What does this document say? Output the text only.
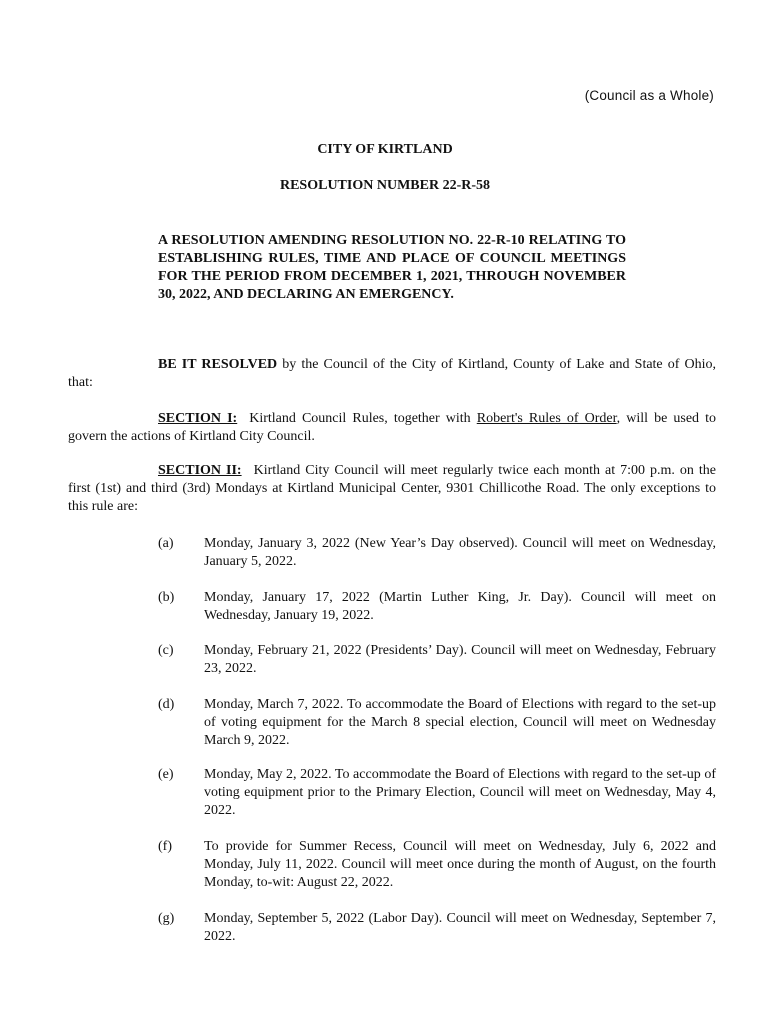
(Council as a Whole)
CITY OF KIRTLAND
RESOLUTION NUMBER 22-R-58
A RESOLUTION AMENDING RESOLUTION NO. 22-R-10 RELATING TO ESTABLISHING RULES, TIME AND PLACE OF COUNCIL MEETINGS FOR THE PERIOD FROM DECEMBER 1, 2021, THROUGH NOVEMBER 30, 2022, AND DECLARING AN EMERGENCY.
BE IT RESOLVED by the Council of the City of Kirtland, County of Lake and State of Ohio, that:
SECTION I: Kirtland Council Rules, together with Robert's Rules of Order, will be used to govern the actions of Kirtland City Council.
SECTION II: Kirtland City Council will meet regularly twice each month at 7:00 p.m. on the first (1st) and third (3rd) Mondays at Kirtland Municipal Center, 9301 Chillicothe Road. The only exceptions to this rule are:
(a) Monday, January 3, 2022 (New Year’s Day observed). Council will meet on Wednesday, January 5, 2022.
(b) Monday, January 17, 2022 (Martin Luther King, Jr. Day). Council will meet on Wednesday, January 19, 2022.
(c) Monday, February 21, 2022 (Presidents’ Day). Council will meet on Wednesday, February 23, 2022.
(d) Monday, March 7, 2022. To accommodate the Board of Elections with regard to the set-up of voting equipment for the March 8 special election, Council will meet on Wednesday March 9, 2022.
(e) Monday, May 2, 2022. To accommodate the Board of Elections with regard to the set-up of voting equipment prior to the Primary Election, Council will meet on Wednesday, May 4, 2022.
(f) To provide for Summer Recess, Council will meet on Wednesday, July 6, 2022 and Monday, July 11, 2022. Council will meet once during the month of August, on the fourth Monday, to-wit: August 22, 2022.
(g) Monday, September 5, 2022 (Labor Day). Council will meet on Wednesday, September 7, 2022.
